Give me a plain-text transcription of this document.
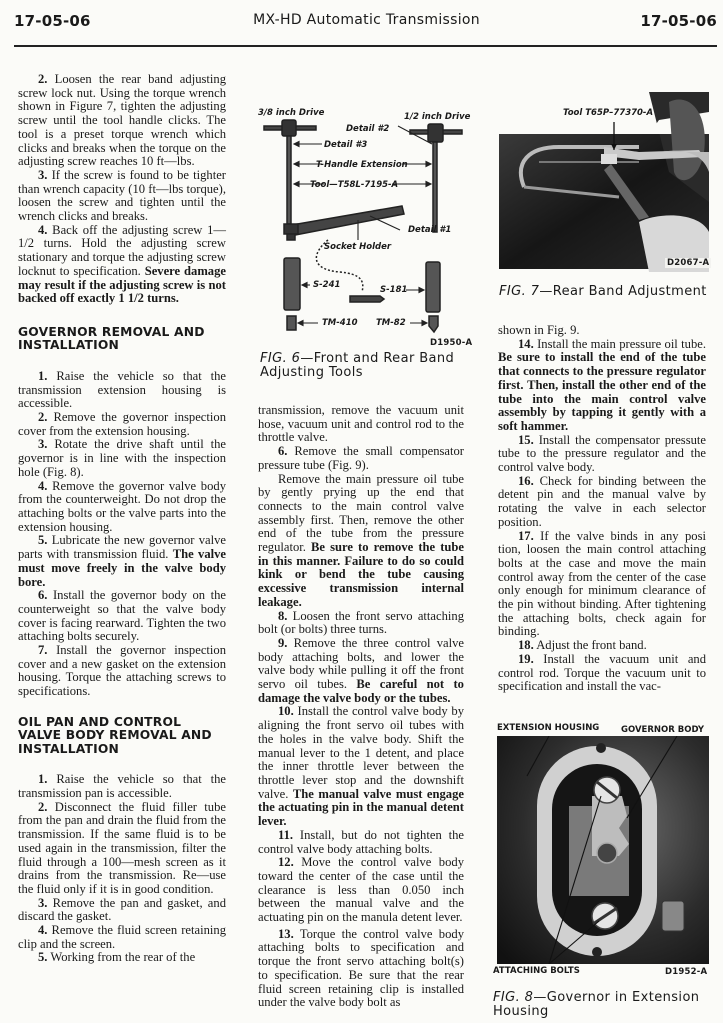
17-05-06	MX-HD Automatic Transmission	17-05-06

2. Loosen the rear band adjusting screw lock nut. Using the torque wrench shown in Figure 7, tighten the adjusting screw until the tool handle clicks. The tool is a preset torque wrench which clicks and breaks when the torque on the adjusting screw reaches 10 ft—lbs.

3. If the screw is found to be tighter than wrench capacity (10 ft—lbs torque), loosen the screw and tighten until the wrench clicks and breaks.

4. Back off the adjusting screw 1—1/2 turns. Hold the adjusting screw stationary and torque the adjusting screw locknut to specification. Severe damage may result if the adjusting screw is not backed off exactly 1 1/2 turns.

GOVERNOR REMOVAL AND INSTALLATION

1. Raise the vehicle so that the transmission extension housing is accessible.

2. Remove the governor inspection cover from the extension housing.

3. Rotate the drive shaft until the governor is in line with the inspection hole (Fig. 8).

4. Remove the governor valve body from the counterweight. Do not drop the attaching bolts or the valve parts into the extension housing.

5. Lubricate the new governor valve parts with transmission fluid. The valve must move freely in the valve body bore.

6. Install the governor body on the counterweight so that the valve body cover is facing rearward. Tighten the two attaching bolts securely.

7. Install the governor inspection cover and a new gasket on the extension housing. Torque the attaching screws to specifications.

OIL PAN AND CONTROL VALVE BODY REMOVAL AND INSTALLATION

1. Raise the vehicle so that the transmission pan is accessible.

2. Disconnect the fluid filler tube from the pan and drain the fluid from the transmission. If the same fluid is to be used again in the transmission, filter the fluid through a 100—mesh screen as it drains from the transmission. Re—use the fluid only if it is in good condition.

3. Remove the pan and gasket, and discard the gasket.

4. Remove the fluid screen retaining clip and the screen.

5. Working from the rear of the

3/8 inch Drive	1/2 inch Drive
Detail #2
Detail #3
T-Handle Extension
Tool—T58L-7195-A
Detail #1
Socket Holder
S-241	S-181
TM-410 TM-82
D1950-A
FIG. 6—Front and Rear Band Adjusting Tools

transmission, remove the vacuum unit hose, vacuum unit and control rod to the throttle valve.

6. Remove the small compensator pressure tube (Fig. 9).

Remove the main pressure oil tube by gently prying up the end that connects to the main control valve assembly first. Then, remove the other end of the tube from the pressure regulator. Be sure to remove the tube in this manner. Failure to do so could kink or bend the tube causing excessive transmission internal leakage.

8. Loosen the front servo attaching bolt (or bolts) three turns.

9. Remove the three control valve body attaching bolts, and lower the valve body while pulling it off the front servo oil tubes. Be careful not to damage the valve body or the tubes.

10. Install the control valve body by aligning the front servo oil tubes with the holes in the valve body. Shift the manual lever to the 1 detent, and place the inner throttle lever between the throttle lever stop and the downshift valve. The manual valve must engage the actuating pin in the manual detent lever.

11. Install, but do not tighten the control valve body attaching bolts.

12. Move the control valve body toward the center of the case until the clearance is less than 0.050 inch between the manual valve and the actuating pin on the manula detent lever.

13. Torque the control valve body attaching bolts to specification and torque the front servo attaching bolt(s) to specification. Be sure that the rear fluid screen retaining clip is installed under the valve body bolt as

Tool T65P–77370-A
D2067-A
FIG. 7—Rear Band Adjustment

shown in Fig. 9.

14. Install the main pressure oil tube. Be sure to install the end of the tube that connects to the pressure regulator first. Then, install the other end of the tube into the main control valve assembly by tapping it gently with a soft hammer.

15. Install the compensator pressute tube to the pressure regulator and the control valve body.

16. Check for binding between the detent pin and the manual valve by rotating the valve in each selector position.

17. If the valve binds in any posi tion, loosen the main control attaching bolts at the case and move the main control away from the center of the case only enough for minimum clearance of the pin without binding. After tightening the attaching bolts, check again for binding.

18. Adjust the front band.

19. Install the vacuum unit and control rod. Torque the vacuum unit to specification and install the vac-

EXTENSION HOUSING	GOVERNOR BODY
ATTACHING BOLTS	D1952-A
FIG. 8—Governor in Extension Housing
